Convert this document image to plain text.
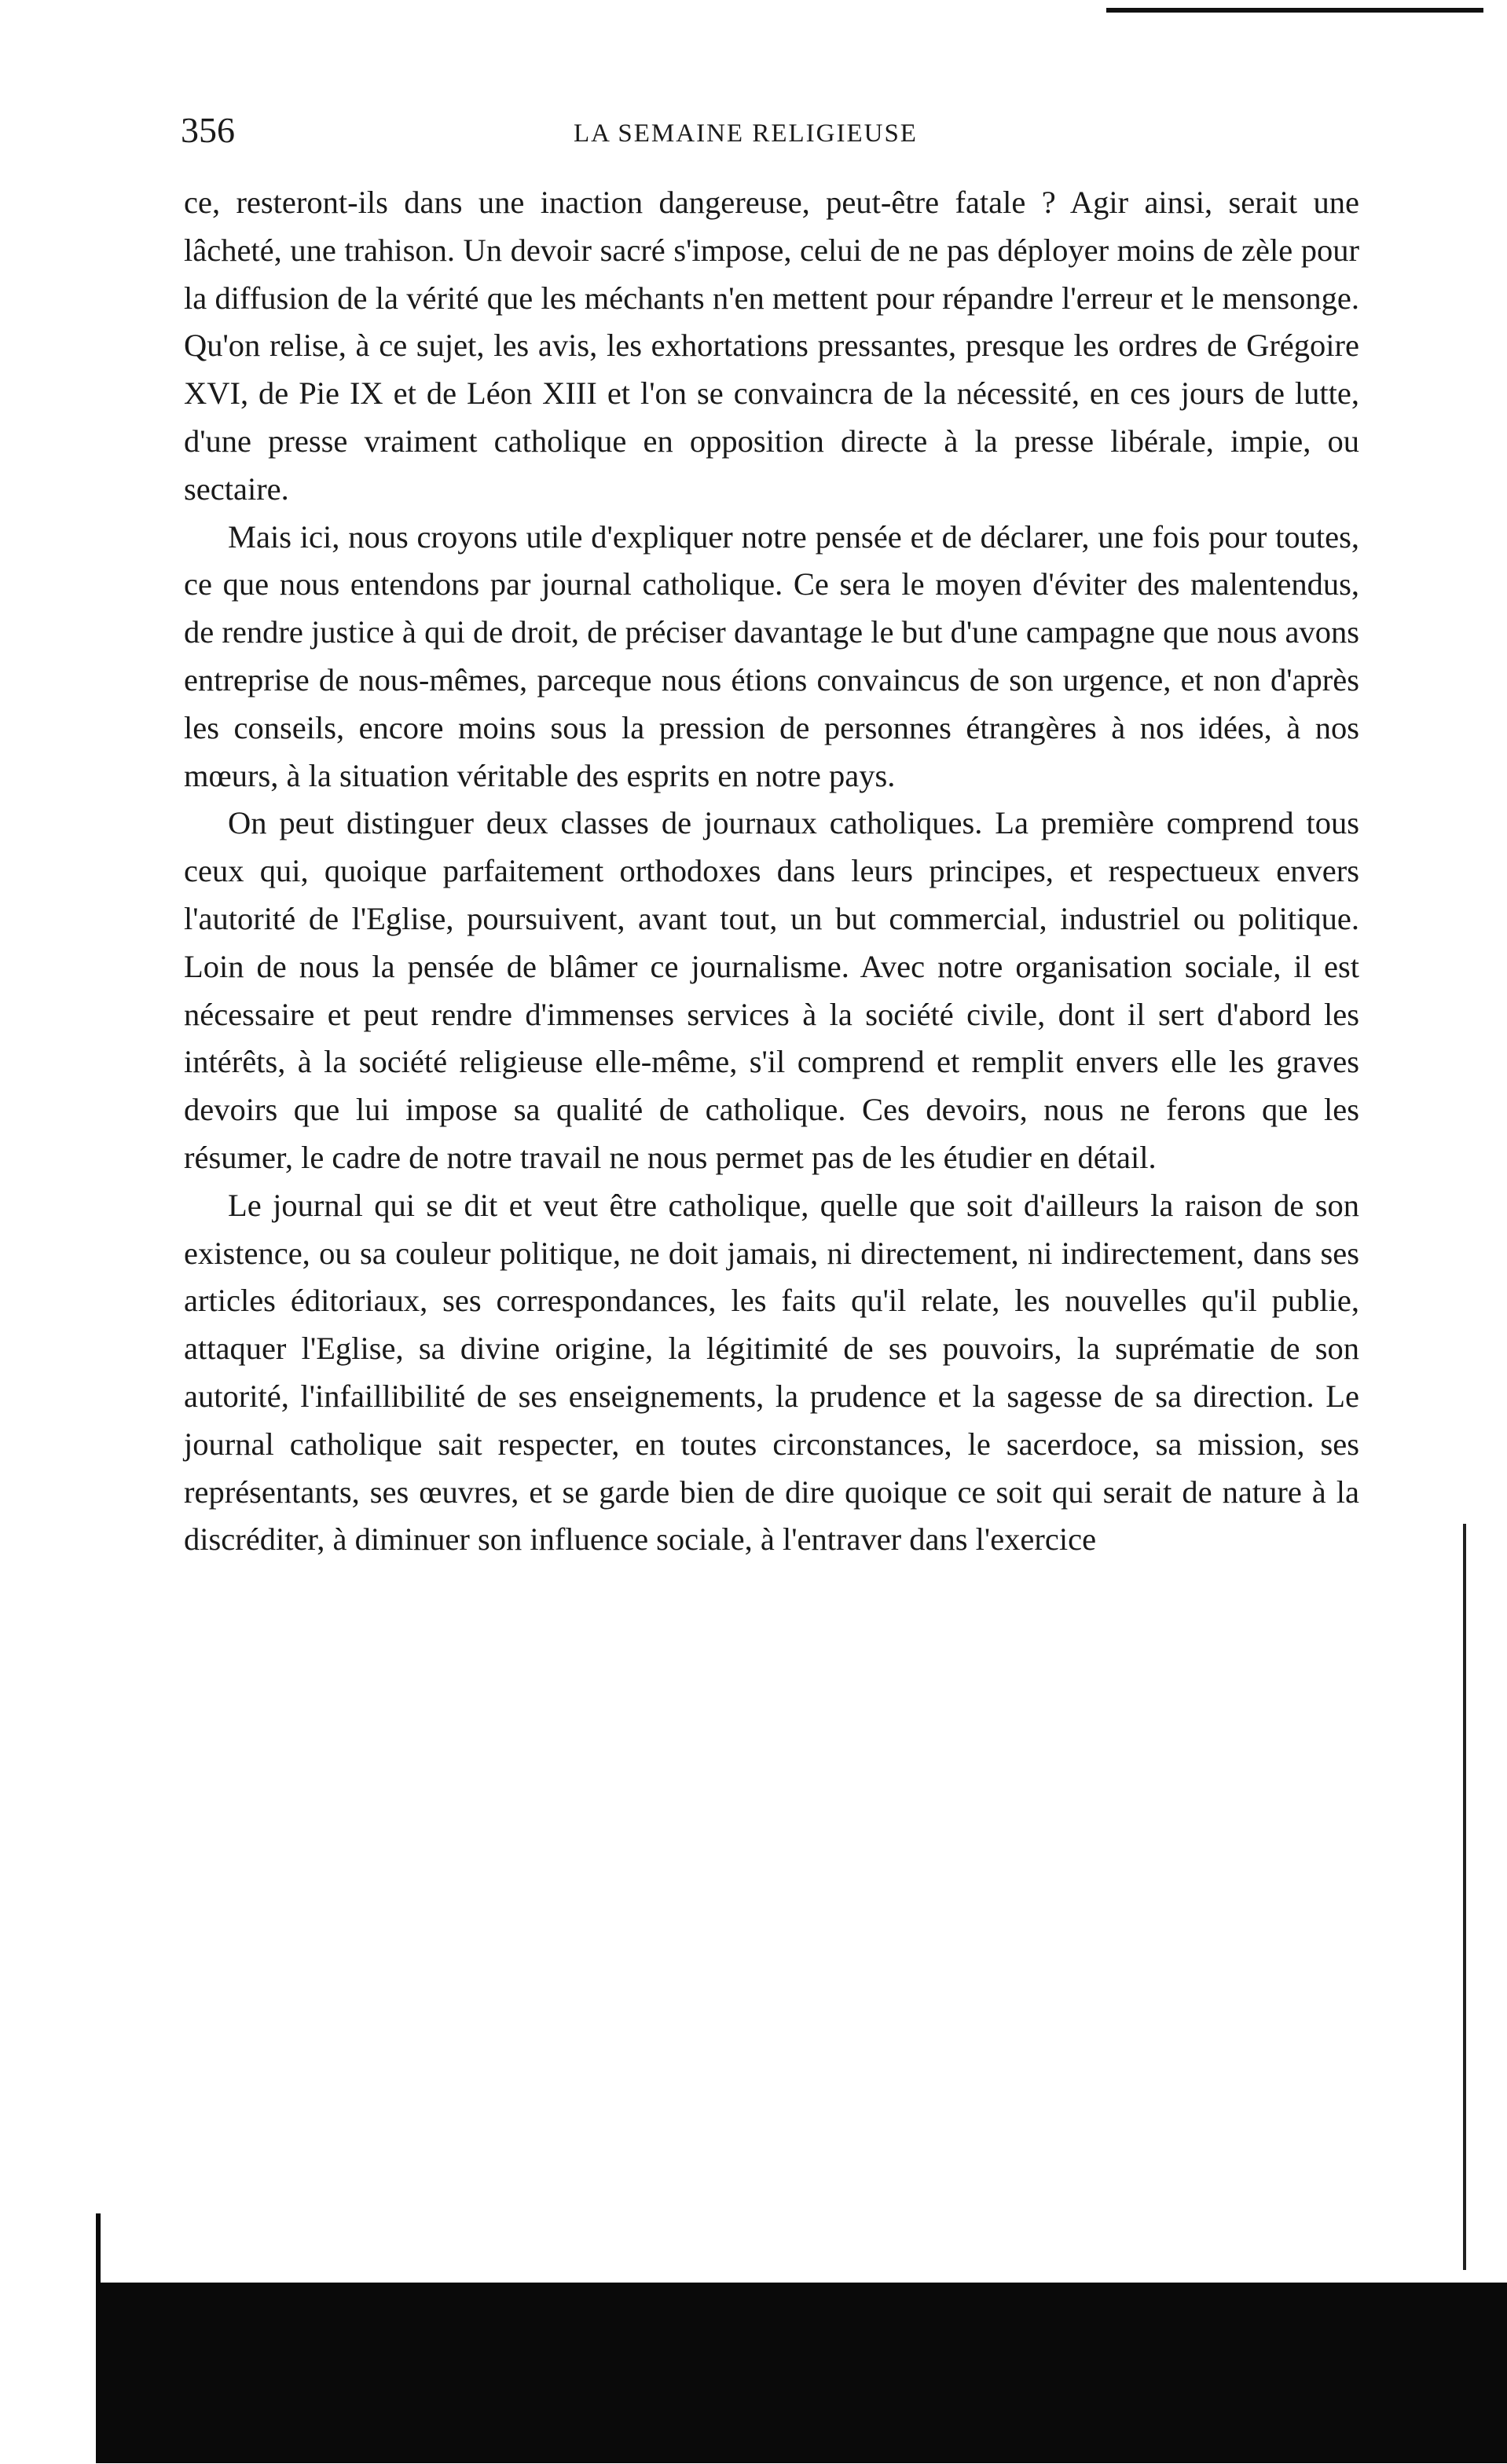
356	LA SEMAINE RELIGIEUSE

ce, resteront-ils dans une inaction dangereuse, peut-être fatale ? Agir ainsi, serait une lâcheté, une trahison. Un devoir sacré s'impose, celui de ne pas déployer moins de zèle pour la diffusion de la vérité que les méchants n'en mettent pour répandre l'erreur et le mensonge. Qu'on relise, à ce sujet, les avis, les exhortations pressantes, presque les ordres de Grégoire XVI, de Pie IX et de Léon XIII et l'on se convaincra de la nécessité, en ces jours de lutte, d'une presse vraiment catholique en opposition directe à la presse libérale, impie, ou sectaire.

Mais ici, nous croyons utile d'expliquer notre pensée et de déclarer, une fois pour toutes, ce que nous entendons par journal catholique. Ce sera le moyen d'éviter des malentendus, de rendre justice à qui de droit, de préciser davantage le but d'une campagne que nous avons entreprise de nous-mêmes, parceque nous étions convaincus de son urgence, et non d'après les conseils, encore moins sous la pression de personnes étrangères à nos idées, à nos mœurs, à la situation véritable des esprits en notre pays.

On peut distinguer deux classes de journaux catholiques. La première comprend tous ceux qui, quoique parfaitement orthodoxes dans leurs principes, et respectueux envers l'autorité de l'Eglise, poursuivent, avant tout, un but commercial, industriel ou politique. Loin de nous la pensée de blâmer ce journalisme. Avec notre organisation sociale, il est nécessaire et peut rendre d'immenses services à la société civile, dont il sert d'abord les intérêts, à la société religieuse elle-même, s'il comprend et remplit envers elle les graves devoirs que lui impose sa qualité de catholique. Ces devoirs, nous ne ferons que les résumer, le cadre de notre travail ne nous permet pas de les étudier en détail.

Le journal qui se dit et veut être catholique, quelle que soit d'ailleurs la raison de son existence, ou sa couleur politique, ne doit jamais, ni directement, ni indirectement, dans ses articles éditoriaux, ses correspondances, les faits qu'il relate, les nouvelles qu'il publie, attaquer l'Eglise, sa divine origine, la légitimité de ses pouvoirs, la suprématie de son autorité, l'infaillibilité de ses enseignements, la prudence et la sagesse de sa direction. Le journal catholique sait respecter, en toutes circonstances, le sacerdoce, sa mission, ses représentants, ses œuvres, et se garde bien de dire quoique ce soit qui serait de nature à la discréditer, à diminuer son influence sociale, à l'entraver dans l'exercice
